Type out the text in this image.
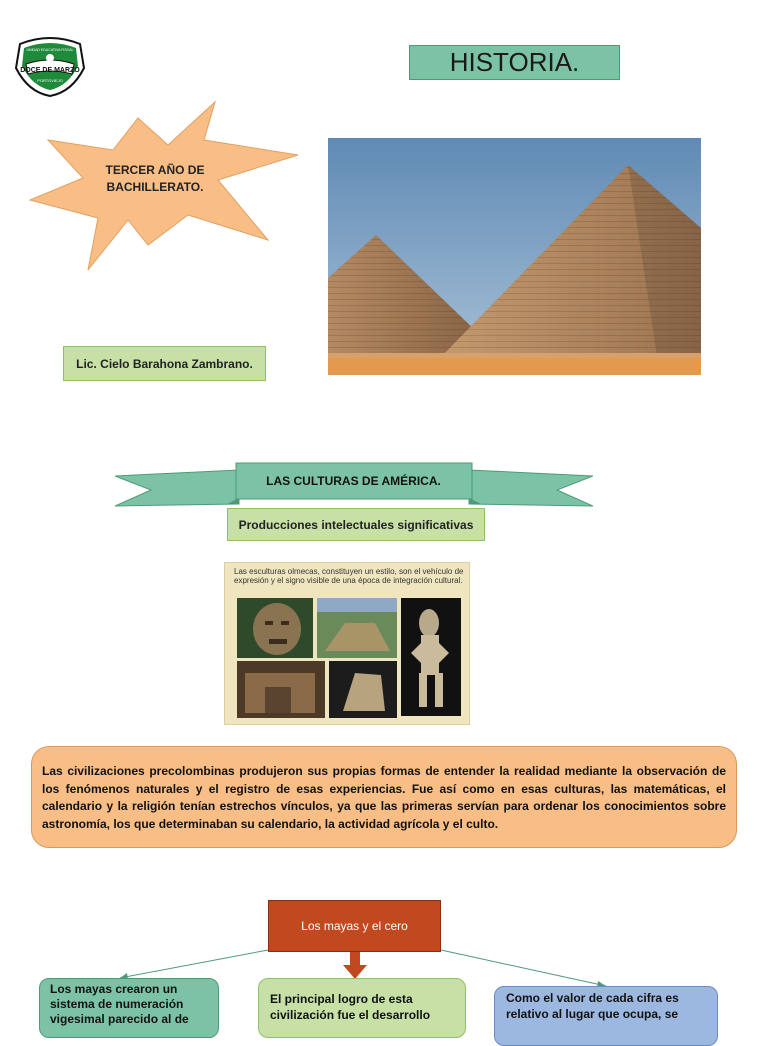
DOCE DE MARZO
UNIDAD EDUCATIVA FISCAL
PORTOVIEJO
HISTORIA.
TERCER AÑO DE BACHILLERATO.
Lic. Cielo Barahona Zambrano.
LAS CULTURAS DE AMÉRICA.
Producciones intelectuales significativas
Las esculturas olmecas, constituyen un estilo, son el vehículo de expresión y el signo visible de una época de integración cultural.
Las civilizaciones precolombinas produjeron sus propias formas de entender la realidad mediante la observación de los fenómenos naturales y el registro de esas experiencias. Fue así como en esas culturas, las matemáticas, el calendario y la religión tenían estrechos vínculos, ya que las primeras servían para ordenar los conocimientos sobre astronomía, los que determinaban su calendario, la actividad agrícola y el culto.
Los mayas y el cero
Los mayas crearon un sistema de numeración vigesimal parecido al de
El principal logro de esta civilización fue el desarrollo
Como el valor de cada cifra es relativo al lugar que ocupa, se
